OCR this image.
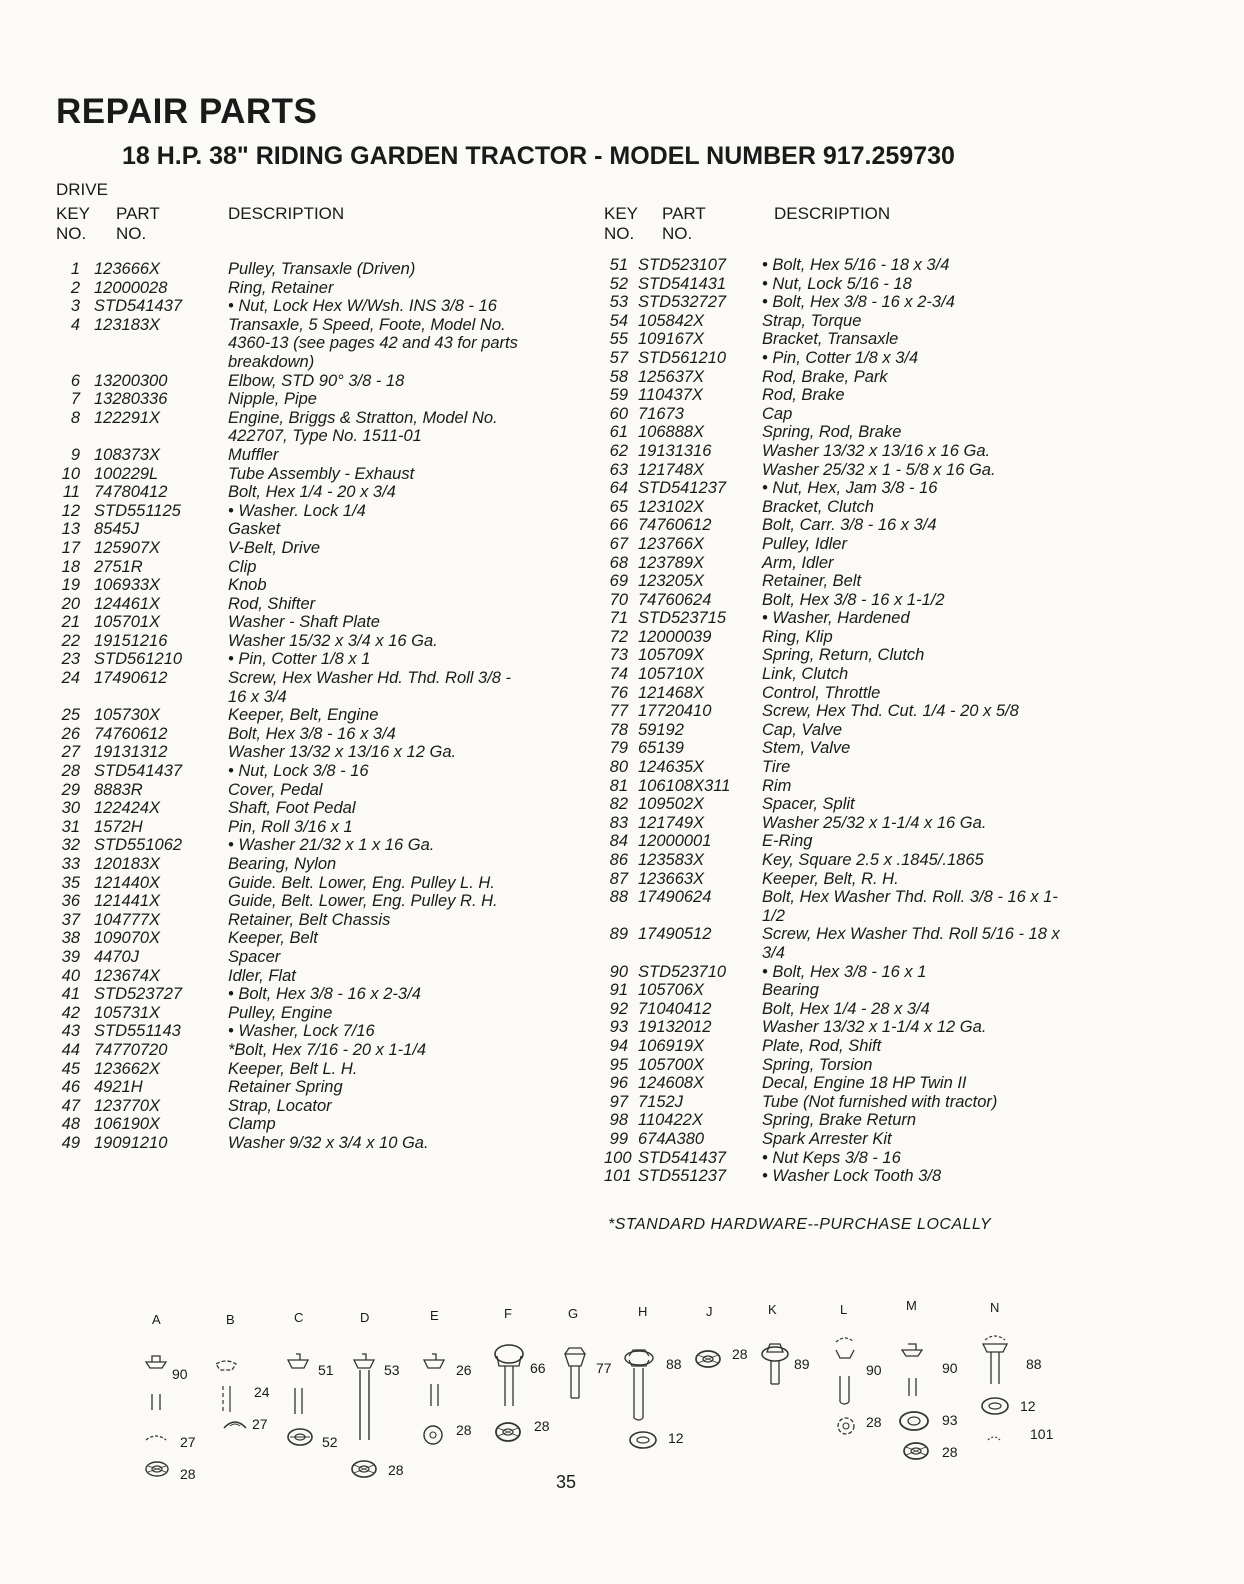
REPAIR PARTS
18 H.P. 38" RIDING GARDEN TRACTOR - MODEL NUMBER 917.259730
DRIVE
KEY
NO.
PART
NO.
DESCRIPTION
1 123666X	Pulley, Transaxle (Driven)
2 12000028	Ring, Retainer
3 STD541437	• Nut, Lock Hex W/Wsh. INS 3/8 - 16
4 123183X	Transaxle, 5 Speed, Foote, Model No. 4360-13 (see pages 42 and 43 for parts breakdown)
6 13200300	Elbow, STD 90° 3/8 - 18
7 13280336	Nipple, Pipe
8 122291X	Engine, Briggs & Stratton, Model No. 422707, Type No. 1511-01
9 108373X	Muffler
10 100229L	Tube Assembly - Exhaust
11 74780412	Bolt, Hex 1/4 - 20 x 3/4
12 STD551125	• Washer. Lock 1/4
13 8545J	Gasket
17 125907X	V-Belt, Drive
18 2751R	Clip
19 106933X	Knob
20 124461X	Rod, Shifter
21 105701X	Washer - Shaft Plate
22 19151216	Washer 15/32 x 3/4 x 16 Ga.
23 STD561210	• Pin, Cotter 1/8 x 1
24 17490612	Screw, Hex Washer Hd. Thd. Roll 3/8 - 16 x 3/4
25 105730X	Keeper, Belt, Engine
26 74760612	Bolt, Hex 3/8 - 16 x 3/4
27 19131312	Washer 13/32 x 13/16 x 12 Ga.
28 STD541437	• Nut, Lock 3/8 - 16
29 8883R	Cover, Pedal
30 122424X	Shaft, Foot Pedal
31 1572H	Pin, Roll 3/16 x 1
32 STD551062	• Washer 21/32 x 1 x 16 Ga.
33 120183X	Bearing, Nylon
35 121440X	Guide. Belt. Lower, Eng. Pulley L. H.
36 121441X	Guide, Belt. Lower, Eng. Pulley R. H.
37 104777X	Retainer, Belt Chassis
38 109070X	Keeper, Belt
39 4470J	Spacer
40 123674X	Idler, Flat
41 STD523727	• Bolt, Hex 3/8 - 16 x 2-3/4
42 105731X	Pulley, Engine
43 STD551143	• Washer, Lock 7/16
44 74770720	*Bolt, Hex 7/16 - 20 x 1-1/4
45 123662X	Keeper, Belt L. H.
46 4921H	Retainer Spring
47 123770X	Strap, Locator
48 106190X	Clamp
49 19091210	Washer 9/32 x 3/4 x 10 Ga.
KEY
NO.
PART
NO.
DESCRIPTION
51 STD523107	• Bolt, Hex 5/16 - 18 x 3/4
52 STD541431	• Nut, Lock 5/16 - 18
53 STD532727	• Bolt, Hex 3/8 - 16 x 2-3/4
54 105842X	Strap, Torque
55 109167X	Bracket, Transaxle
57 STD561210	• Pin, Cotter 1/8 x 3/4
58 125637X	Rod, Brake, Park
59 110437X	Rod, Brake
60 71673	Cap
61 106888X	Spring, Rod, Brake
62 19131316	Washer 13/32 x 13/16 x 16 Ga.
63 121748X	Washer 25/32 x 1 - 5/8 x 16 Ga.
64 STD541237	• Nut, Hex, Jam 3/8 - 16
65 123102X	Bracket, Clutch
66 74760612	Bolt, Carr. 3/8 - 16 x 3/4
67 123766X	Pulley, Idler
68 123789X	Arm, Idler
69 123205X	Retainer, Belt
70 74760624	Bolt, Hex 3/8 - 16 x 1-1/2
71 STD523715	• Washer, Hardened
72 12000039	Ring, Klip
73 105709X	Spring, Return, Clutch
74 105710X	Link, Clutch
76 121468X	Control, Throttle
77 17720410	Screw, Hex Thd. Cut. 1/4 - 20 x 5/8
78 59192	Cap, Valve
79 65139	Stem, Valve
80 124635X	Tire
81 106108X311	Rim
82 109502X	Spacer, Split
83 121749X	Washer 25/32 x 1-1/4 x 16 Ga.
84 12000001	E-Ring
86 123583X	Key, Square 2.5 x .1845/.1865
87 123663X	Keeper, Belt, R. H.
88 17490624	Bolt, Hex Washer Thd. Roll. 3/8 - 16 x 1-1/2
89 17490512	Screw, Hex Washer Thd. Roll 5/16 - 18 x 3/4
90 STD523710	• Bolt, Hex 3/8 - 16 x 1
91 105706X	Bearing
92 71040412	Bolt, Hex 1/4 - 28 x 3/4
93 19132012	Washer 13/32 x 1-1/4 x 12 Ga.
94 106919X	Plate, Rod, Shift
95 105700X	Spring, Torsion
96 124608X	Decal, Engine 18 HP Twin II
97 7152J	Tube (Not furnished with tractor)
98 110422X	Spring, Brake Return
99 674A380	Spark Arrester Kit
100 STD541437	• Nut Keps 3/8 - 16
101 STD551237	• Washer Lock Tooth 3/8
*STANDARD HARDWARE--PURCHASE LOCALLY
A	B	C	D	E	F	G	H	J	K	L	M	N
90
27
28
24
27
51
52
53
28
26
28
66
28
77	88
12
28
89	90
28
90
93
28
88
12
101
35
